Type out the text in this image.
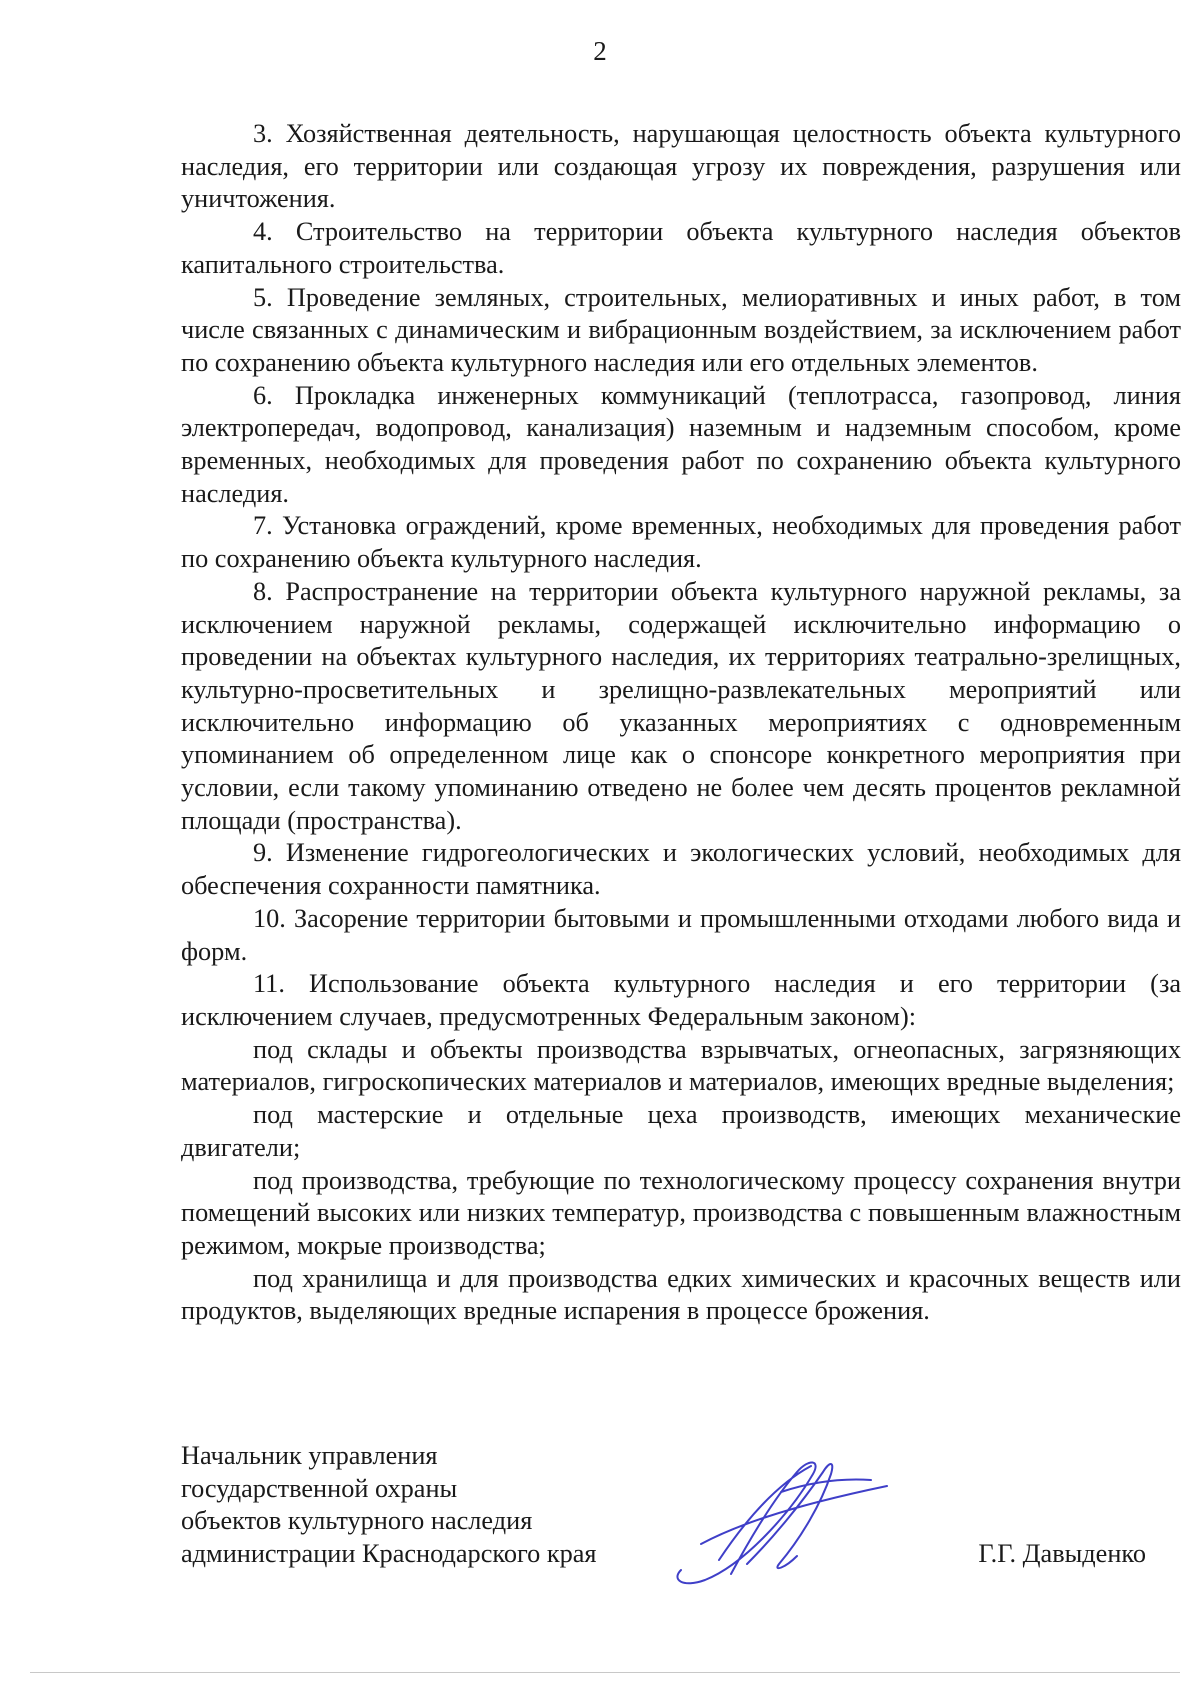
2

3. Хозяйственная деятельность, нарушающая целостность объекта культурного наследия, его территории или создающая угрозу их повреждения, разрушения или уничтожения.

4. Строительство на территории объекта культурного наследия объектов капитального строительства.

5. Проведение земляных, строительных, мелиоративных и иных работ, в том числе связанных с динамическим и вибрационным воздействием, за исключением работ по сохранению объекта культурного наследия или его отдельных элементов.

6. Прокладка инженерных коммуникаций (теплотрасса, газопровод, линия электропередач, водопровод, канализация) наземным и надземным способом, кроме временных, необходимых для проведения работ по сохранению объекта культурного наследия.

7. Установка ограждений, кроме временных, необходимых для проведения работ по сохранению объекта культурного наследия.

8. Распространение на территории объекта культурного наружной рекламы, за исключением наружной рекламы, содержащей исключительно информацию о проведении на объектах культурного наследия, их территориях театрально-зрелищных, культурно-просветительных и зрелищно-развлекательных мероприятий или исключительно информацию об указанных мероприятиях с одновременным упоминанием об определенном лице как о спонсоре конкретного мероприятия при условии, если такому упоминанию отведено не более чем десять процентов рекламной площади (пространства).

9. Изменение гидрогеологических и экологических условий, необходимых для обеспечения сохранности памятника.

10. Засорение территории бытовыми и промышленными отходами любого вида и форм.

11. Использование объекта культурного наследия и его территории (за исключением случаев, предусмотренных Федеральным законом):

под склады и объекты производства взрывчатых, огнеопасных, загрязняющих материалов, гигроскопических материалов и материалов, имеющих вредные выделения;

под мастерские и отдельные цеха производств, имеющих механические двигатели;

под производства, требующие по технологическому процессу сохранения внутри помещений высоких или низких температур, производства с повышенным влажностным режимом, мокрые производства;

под хранилища и для производства едких химических и красочных веществ или продуктов, выделяющих вредные испарения в процессе брожения.

Начальник управления
государственной охраны
объектов культурного наследия
администрации Краснодарского края	Г.Г. Давыденко
